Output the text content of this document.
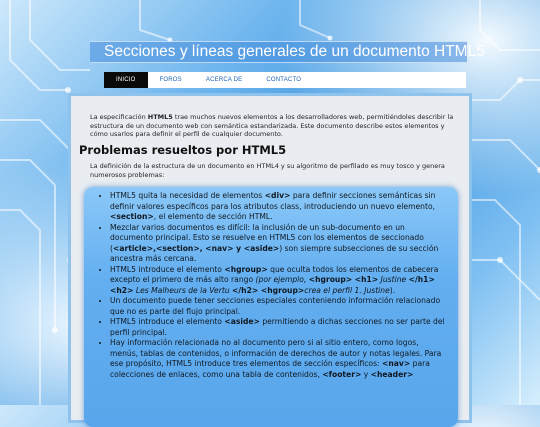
Secciones y líneas generales de un documento HTML5
INICIO	FOROS	ACERCA DE	CONTACTO

La especificación HTML5 trae muchos nuevos elementos a los desarrolladores web, permitiéndoles describir la estructura de un documento web con semántica estandarizada. Este documento describe estos elementos y cómo usarlos para definir el perfil de cualquier documento.

Problemas resueltos por HTML5

La definición de la estructura de un documento en HTML4 y su algoritmo de perfilado es muy tosco y genera numerosos problemas:

• HTML5 quita la necesidad de elementos <div> para definir secciones semánticas sin definir valores específicos para los atributos class, introduciendo un nuevo elemento, <section>, el elemento de sección HTML.
• Mezclar varios documentos es difícil: la inclusión de un sub-documento en un documento principal. Esto se resuelve en HTML5 con los elementos de seccionado (<article>,<section>, <nav> y <aside>) son siempre subsecciones de su sección ancestra más cercana.
• HTML5 introduce el elemento <hgroup> que oculta todos los elementos de cabecera excepto el primero de más alto rango (por ejemplo, <hgroup> <h1> Justine </h1> <h2> Les Malheurs de la Vertu </h2> <hgroup>crea el perfil 1. Justine).
• Un documento puede tener secciones especiales conteniendo información relacionado que no es parte del flujo principal.
• HTML5 introduce el elemento <aside> permitiendo a dichas secciones no ser parte del perfil principal.
• Hay información relacionada no al documento pero si al sitio entero, como logos, menús, tablas de contenidos, o información de derechos de autor y notas legales. Para ese propósito, HTML5 introduce tres elementos de sección específicos: <nav> para colecciones de enlaces, como una tabla de contenidos, <footer> y <header>
